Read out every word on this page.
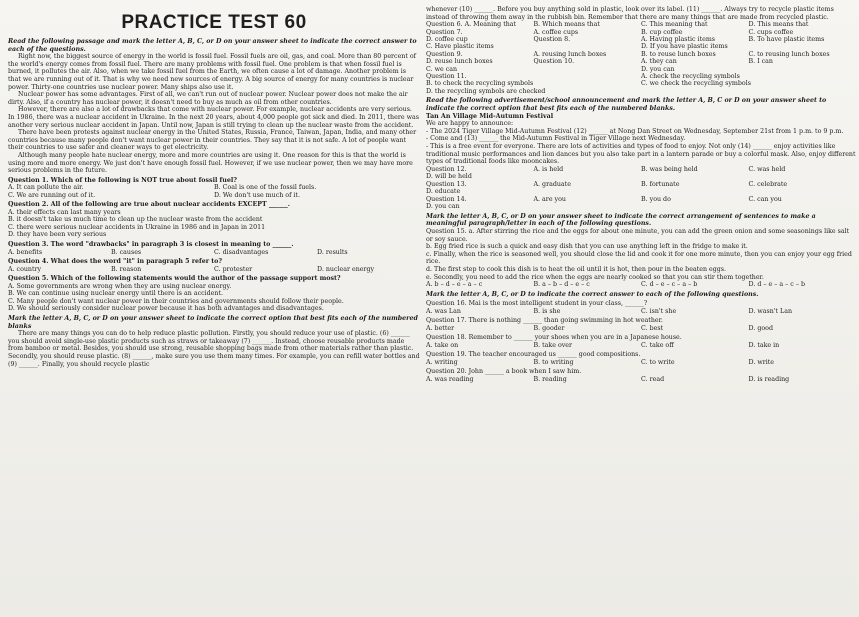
PRACTICE TEST 60

Read the following passage and mark the letter A, B, C, or D on your answer sheet to indicate the correct answer to each of the questions.

Right now, the biggest source of energy in the world is fossil fuel. Fossil fuels are oil, gas, and coal. More than 80 percent of the world's energy comes from fossil fuel. There are many problems with fossil fuel. One problem is that when fossil fuel is burned, it pollutes the air. Also, when we take fossil fuel from the Earth, we often cause a lot of damage. Another problem is that we are running out of it. That is why we need new sources of energy. A big source of energy for many countries is nuclear power. Thirty-one countries use nuclear power. Many ships also use it.

Nuclear power has some advantages. First of all, we can't run out of nuclear power. Nuclear power does not make the air dirty. Also, if a country has nuclear power, it doesn't need to buy as much as oil from other countries.

However, there are also a lot of drawbacks that come with nuclear power. For example, nuclear accidents are very serious. In 1986, there was a nuclear accident in Ukraine. In the next 20 years, about 4,000 people got sick and died. In 2011, there was another very serious nuclear accident in Japan. Until now, Japan is still trying to clean up the nuclear waste from the accident.

There have been protests against nuclear energy in the United States, Russia, France, Taiwan, Japan, India, and many other countries because many people don't want nuclear power in their countries. They say that it is not safe. A lot of people want their countries to use safer and cleaner ways to get electricity.

Although many people hate nuclear energy, more and more countries are using it. One reason for this is that the world is using more and more energy. We just don't have enough fossil fuel. However, if we use nuclear power, then we may have more serious problems in the future.

Question 1. Which of the following is NOT true about fossil fuel?

A. It can pollute the air.	B. Coal is one of the fossil fuels.
C. We are running out of it.	D. We don't use much of it.

Question 2. All of the following are true about nuclear accidents EXCEPT ______.

A. their effects can last many years

B. it doesn't take us much time to clean up the nuclear waste from the accident

C. there were serious nuclear accidents in Ukraine in 1986 and in Japan in 2011

D. they have been very serious

Question 3. The word "drawbacks" in paragraph 3 is closest in meaning to ______.

A. benefits	B. causes	C. disadvantages	D. results

Question 4. What does the word "it" in paragraph 5 refer to?

A. country	B. reason	C. protester	D. nuclear energy

Question 5. Which of the following statements would the author of the passage support most?

A. Some governments are wrong when they are using nuclear energy.

B. We can continue using nuclear energy until there is an accident.

C. Many people don't want nuclear power in their countries and governments should follow their people.

D. We should seriously consider nuclear power because it has both advantages and disadvantages.

Mark the letter A, B, C, or D on your answer sheet to indicate the correct option that best fits each of the numbered blanks

There are many things you can do to help reduce plastic pollution. Firstly, you should reduce your use of plastic. (6) ______ you should avoid single-use plastic products such as straws or takeaway (7) ______. Instead, choose reusable products made from bamboo or metal. Besides, you should use strong, reusable shopping bags made from other materials rather than plastic. Secondly, you should reuse plastic. (8) ______, make sure you use them many times. For example, you can refill water bottles and (9) ______. Finally, you should recycle plastic

whenever (10) ______. Before you buy anything sold in plastic, look over its label. (11) ______. Always try to recycle plastic items instead of throwing them away in the rubbish bin. Remember that there are many things that are made from recycled plastic.

Question 6. A. Meaning that	B. Which means that	C. This meaning that	D. This means that
Question 7.	A. coffee cups	B. cup coffee	C. cups coffee
D. coffee cup	Question 8.	A. Having plastic items	B. To have plastic items
C. Have plastic items	D. If you have plastic items
Question 9.	A. reusing lunch boxes	B. to reuse lunch boxes	C. to reusing lunch boxes
D. reuse lunch boxes	Question 10.	A. they can	B. I can
C. we can	D. you can
Question 11.	A. check the recycling symbols
B. to check the recycling symbols	C. we check the recycling symbols

D. the recycling symbols are checked

Read the following advertisement/school announcement and mark the letter A, B, C or D on your answer sheet to indicate the correct option that best fits each of the numbered blanks.

Tan An Village Mid-Autumn Festival

We are happy to announce:

- The 2024 Tiger Village Mid-Autumn Festival (12) ______ at Nong Dan Street on Wednesday, September 21st from 1 p.m. to 9 p.m.

- Come and (13) ______ the Mid-Autumn Festival in Tiger Village next Wednesday.

- This is a free event for everyone. There are lots of activities and types of food to enjoy. Not only (14) ______ enjoy activities like traditional music performances and lion dances but you also take part in a lantern parade or buy a colorful mask. Also, enjoy different types of traditional foods like mooncakes.

Question 12.	A. is held	B. was being held	C. was held

D. will be held

Question 13.	A. graduate	B. fortunate	C. celebrate

D. educate

Question 14.	A. are you	B. you do	C. can you

D. you can

Mark the letter A, B, C, or D on your answer sheet to indicate the correct arrangement of sentences to make a meaningful paragraph/letter in each of the following questions.

Question 15. a. After stirring the rice and the eggs for about one minute, you can add the green onion and some seasonings like salt or soy sauce.

b. Egg fried rice is such a quick and easy dish that you can use anything left in the fridge to make it.

c. Finally, when the rice is seasoned well, you should close the lid and cook it for one more minute, then you can enjoy your egg fried rice.

d. The first step to cook this dish is to heat the oil until it is hot, then pour in the beaten eggs.

e. Secondly, you need to add the rice when the eggs are nearly cooked so that you can stir them together.

A. b – d – e – a – c	B. a – b – d – e – c	C. d – e – c – a – b	D. d – e – a – c – b

Mark the letter A, B, C, or D to indicate the correct answer to each of the following questions.

Question 16. Mai is the most intelligent student in your class, ______?

A. was Lan	B. is she	C. isn't she	D. wasn't Lan

Question 17. There is nothing ______ than going swimming in hot weather.

A. better	B. gooder	C. best	D. good

Question 18. Remember to ______ your shoes when you are in a Japanese house.

A. take on	B. take over	C. take off	D. take in

Question 19. The teacher encouraged us ______ good compositions.

A. writing	B. to writing	C. to write	D. write

Question 20. John ______ a book when I saw him.

A. was reading	B. reading	C. read	D. is reading
